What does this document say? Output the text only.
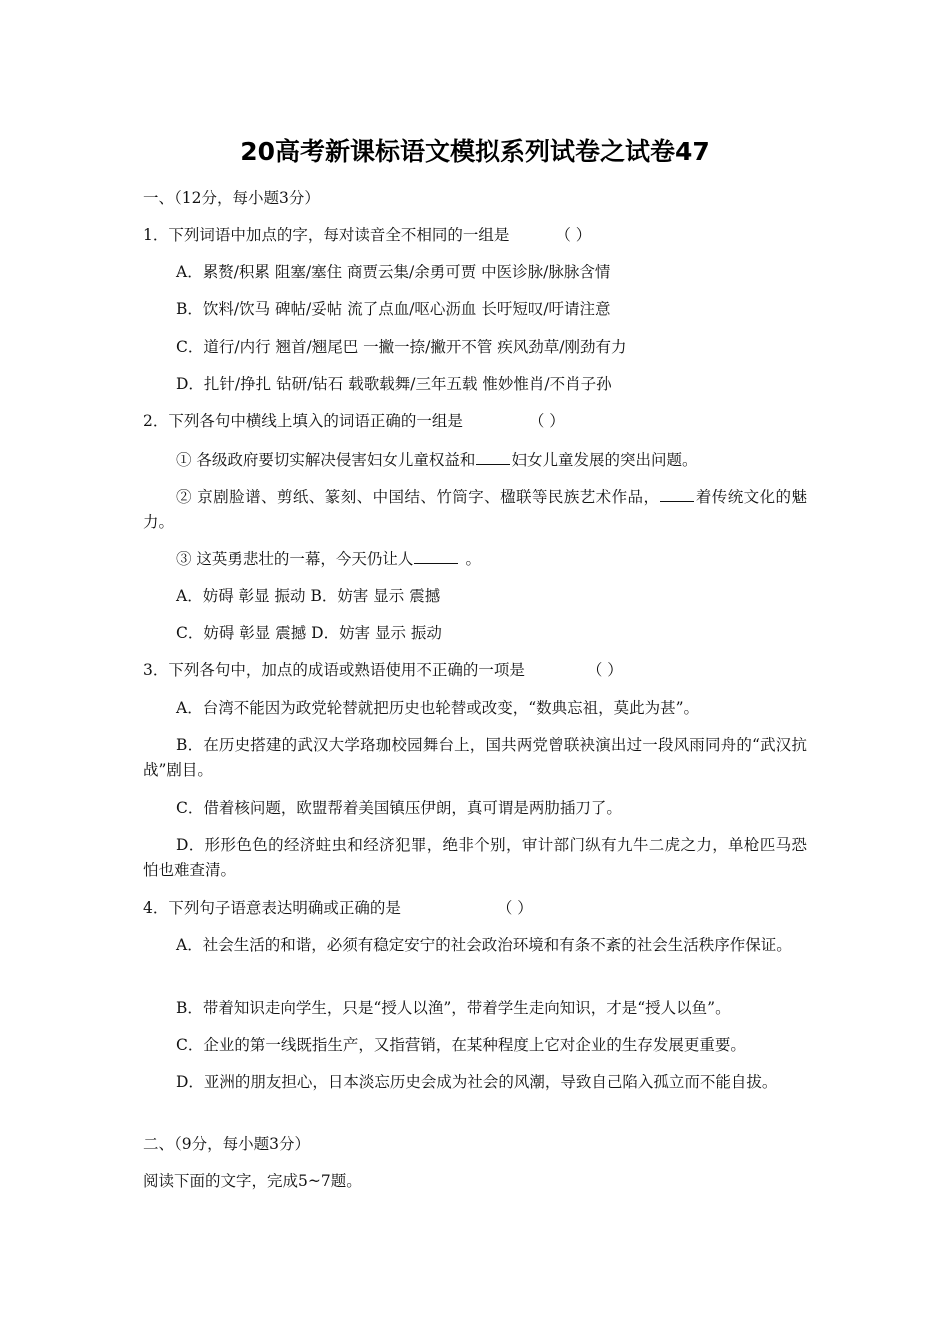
20高考新课标语文模拟系列试卷之试卷47
一、（12分，每小题3分）
1．下列词语中加点的字，每对读音全不相同的一组是	（ ）
A．累赘/积累 阻塞/塞住 商贾云集/余勇可贾 中医诊脉/脉脉含情
B．饮料/饮马 碑帖/妥帖 流了点血/呕心沥血 长吁短叹/吁请注意
C．道行/内行 翘首/翘尾巴 一撇一捺/撇开不管 疾风劲草/刚劲有力
D．扎针/挣扎 钻研/钻石 载歌载舞/三年五载 惟妙惟肖/不肖子孙
2．下列各句中横线上填入的词语正确的一组是	（ ）
① 各级政府要切实解决侵害妇女儿童权益和 妇女儿童发展的突出问题。
② 京剧脸谱、剪纸、篆刻、中国结、竹筒字、楹联等民族艺术作品， 着传统文化的魅力。
③ 这英勇悲壮的一幕，今天仍让人	。
A．妨碍 彰显 振动 B．妨害 显示 震撼
C．妨碍 彰显 震撼 D．妨害 显示 振动
3．下列各句中，加点的成语或熟语使用不正确的一项是	（ ）
A．台湾不能因为政党轮替就把历史也轮替或改变，“数典忘祖，莫此为甚”。
B．在历史搭建的武汉大学珞珈校园舞台上，国共两党曾联袂演出过一段风雨同舟的“武汉抗战”剧目。
C．借着核问题，欧盟帮着美国镇压伊朗，真可谓是两肋插刀了。
D．形形色色的经济蛀虫和经济犯罪，绝非个别，审计部门纵有九牛二虎之力，单枪匹马恐怕也难查清。
4．下列句子语意表达明确或正确的是	（ ）
A．社会生活的和谐，必须有稳定安宁的社会政治环境和有条不紊的社会生活秩序作保证。
B．带着知识走向学生，只是“授人以渔”，带着学生走向知识，才是“授人以鱼”。
C．企业的第一线既指生产，又指营销，在某种程度上它对企业的生存发展更重要。
D．亚洲的朋友担心，日本淡忘历史会成为社会的风潮，导致自己陷入孤立而不能自拔。
二、（9分，每小题3分）
阅读下面的文字，完成5~7题。
